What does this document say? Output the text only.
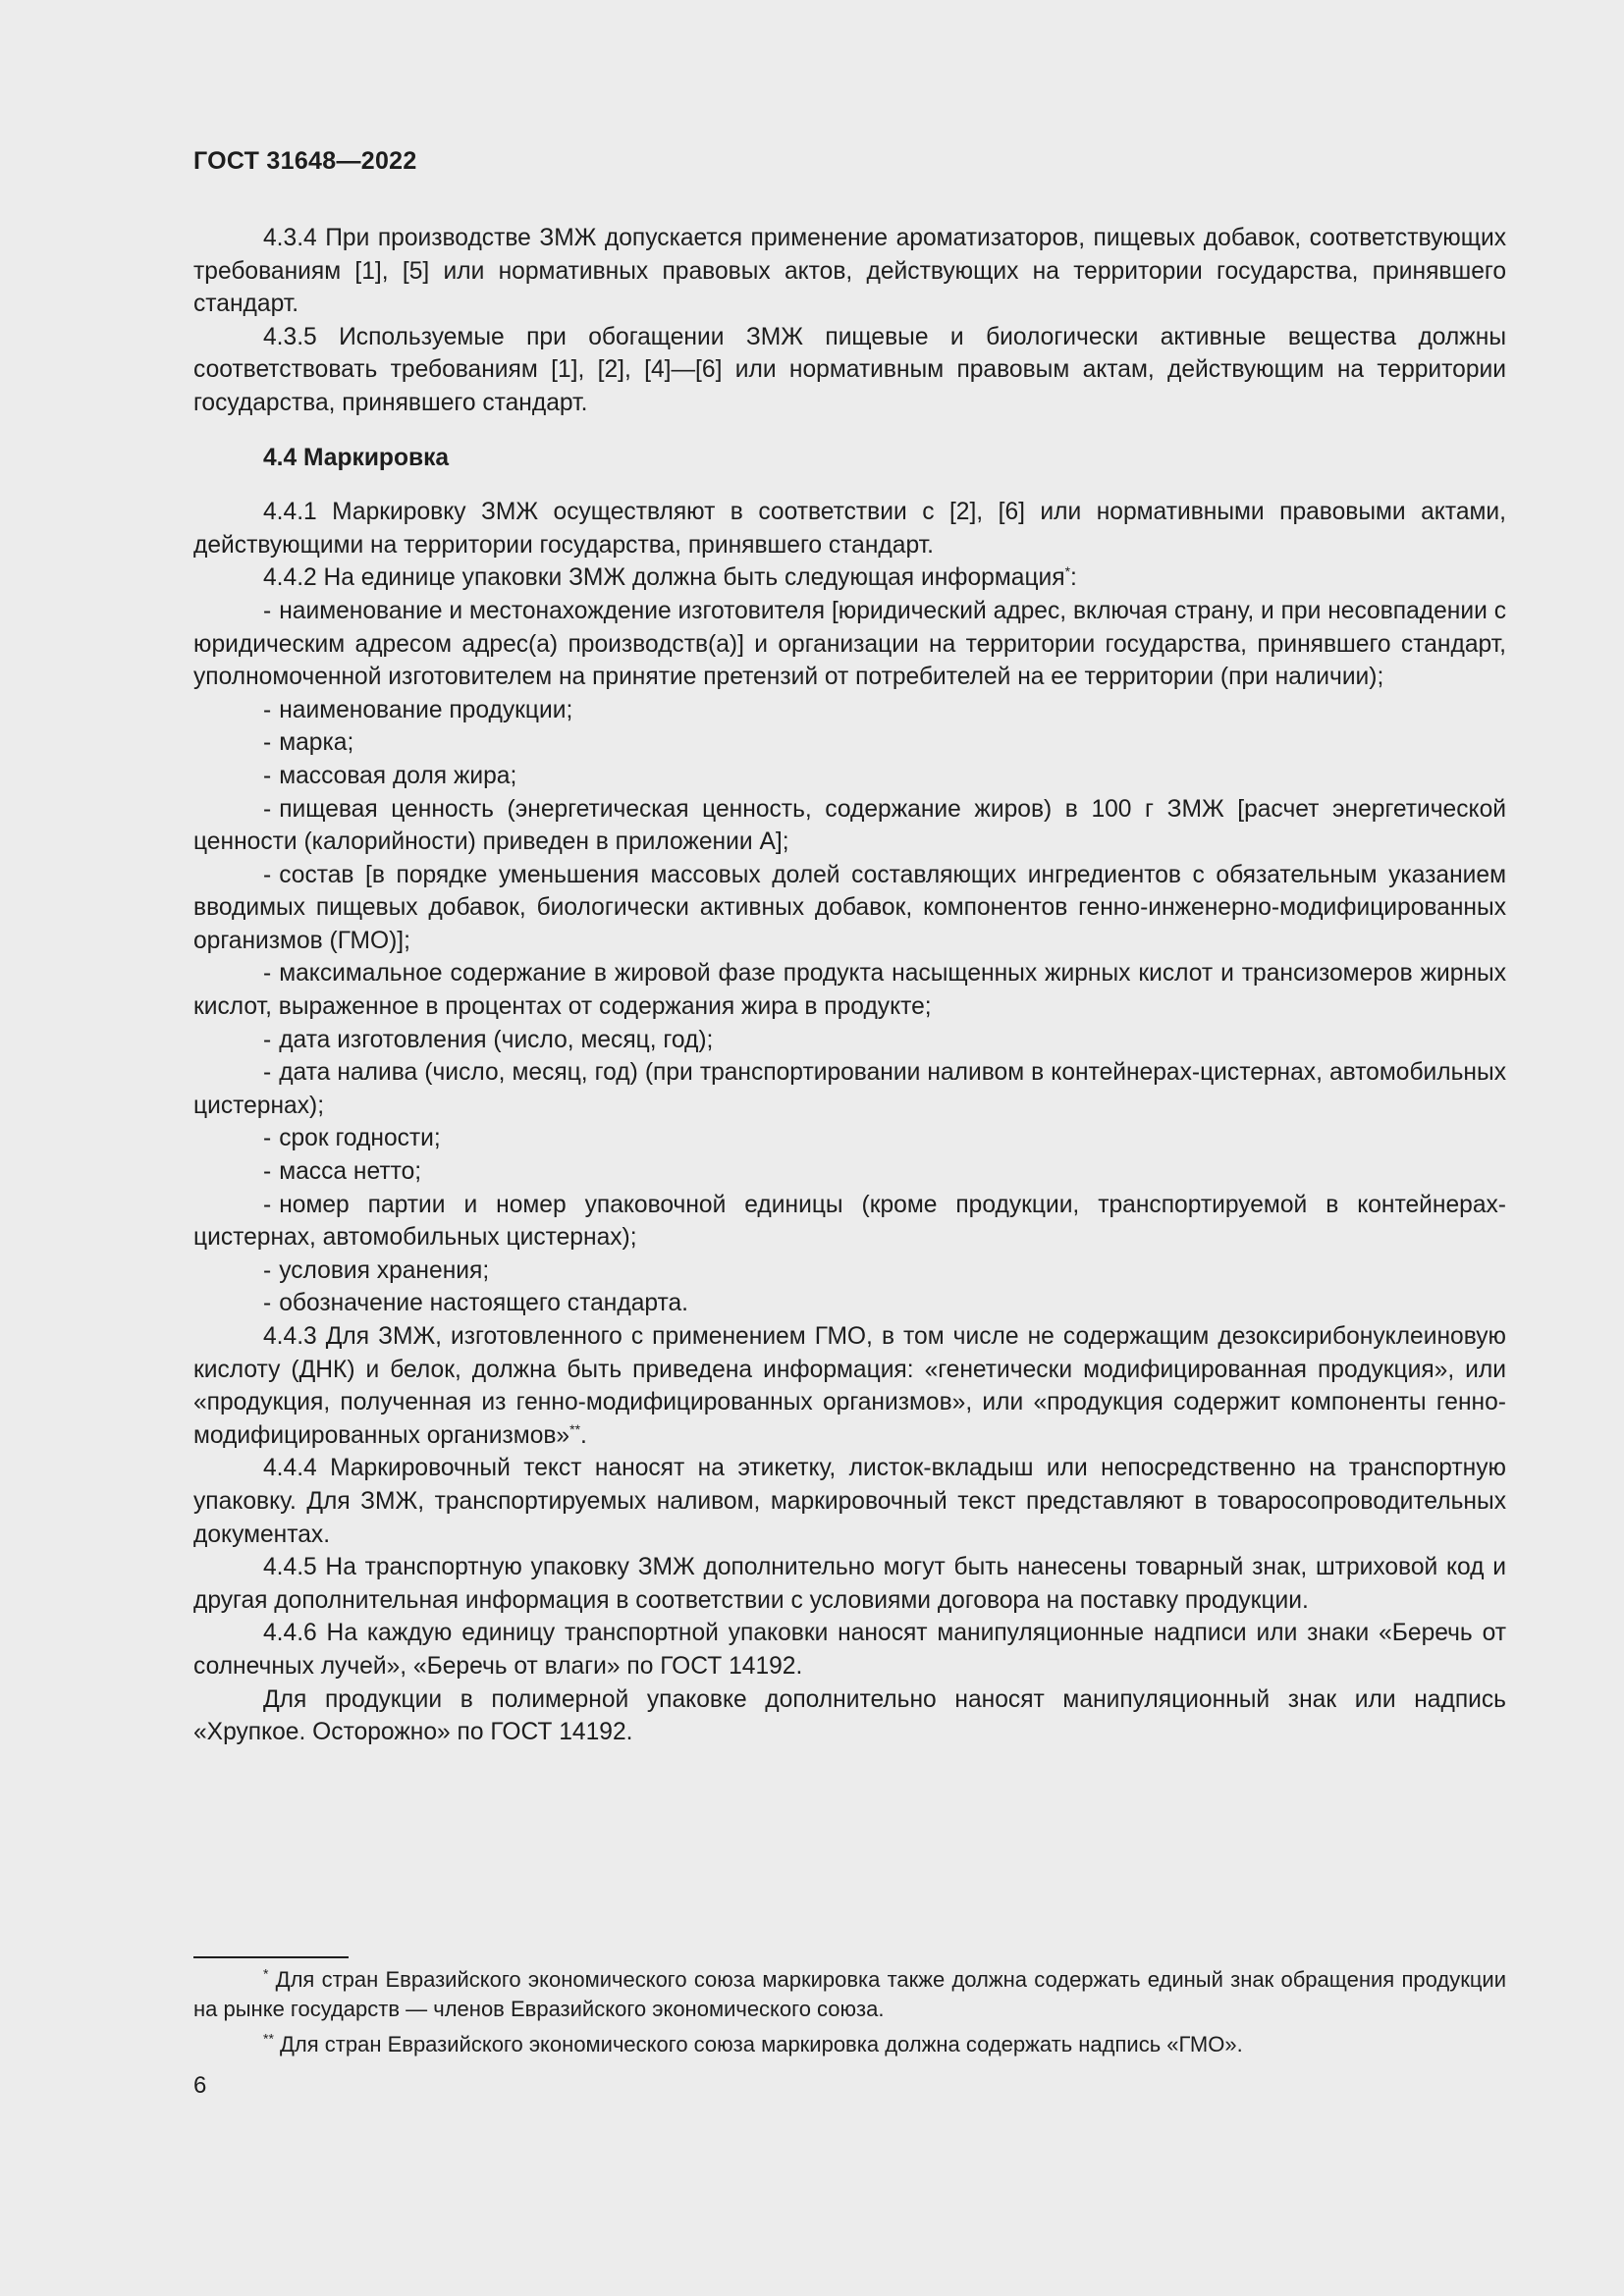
ГОСТ 31648—2022

4.3.4 При производстве ЗМЖ допускается применение ароматизаторов, пищевых добавок, соответствующих требованиям [1], [5] или нормативных правовых актов, действующих на территории государства, принявшего стандарт.

4.3.5 Используемые при обогащении ЗМЖ пищевые и биологически активные вещества должны соответствовать требованиям [1], [2], [4]—[6] или нормативным правовым актам, действующим на территории государства, принявшего стандарт.

4.4 Маркировка

4.4.1 Маркировку ЗМЖ осуществляют в соответствии с [2], [6] или нормативными правовыми актами, действующими на территории государства, принявшего стандарт.

4.4.2 На единице упаковки ЗМЖ должна быть следующая информация*:

- наименование и местонахождение изготовителя [юридический адрес, включая страну, и при несовпадении с юридическим адресом адрес(а) производств(а)] и организации на территории государства, принявшего стандарт, уполномоченной изготовителем на принятие претензий от потребителей на ее территории (при наличии);

- наименование продукции;

- марка;

- массовая доля жира;

- пищевая ценность (энергетическая ценность, содержание жиров) в 100 г ЗМЖ [расчет энергетической ценности (калорийности) приведен в приложении А];

- состав [в порядке уменьшения массовых долей составляющих ингредиентов с обязательным указанием вводимых пищевых добавок, биологически активных добавок, компонентов генно-инженерно-модифицированных организмов (ГМО)];

- максимальное содержание в жировой фазе продукта насыщенных жирных кислот и трансизомеров жирных кислот, выраженное в процентах от содержания жира в продукте;

- дата изготовления (число, месяц, год);

- дата налива (число, месяц, год) (при транспортировании наливом в контейнерах-цистернах, автомобильных цистернах);

- срок годности;

- масса нетто;

- номер партии и номер упаковочной единицы (кроме продукции, транспортируемой в контейнерах-цистернах, автомобильных цистернах);

- условия хранения;

- обозначение настоящего стандарта.

4.4.3 Для ЗМЖ, изготовленного с применением ГМО, в том числе не содержащим дезоксирибонуклеиновую кислоту (ДНК) и белок, должна быть приведена информация: «генетически модифицированная продукция», или «продукция, полученная из генно-модифицированных организмов», или «продукция содержит компоненты генно-модифицированных организмов»**.

4.4.4 Маркировочный текст наносят на этикетку, листок-вкладыш или непосредственно на транспортную упаковку. Для ЗМЖ, транспортируемых наливом, маркировочный текст представляют в товаросопроводительных документах.

4.4.5 На транспортную упаковку ЗМЖ дополнительно могут быть нанесены товарный знак, штриховой код и другая дополнительная информация в соответствии с условиями договора на поставку продукции.

4.4.6 На каждую единицу транспортной упаковки наносят манипуляционные надписи или знаки «Беречь от солнечных лучей», «Беречь от влаги» по ГОСТ 14192.

Для продукции в полимерной упаковке дополнительно наносят манипуляционный знак или надпись «Хрупкое. Осторожно» по ГОСТ 14192.

* Для стран Евразийского экономического союза маркировка также должна содержать единый знак обращения продукции на рынке государств — членов Евразийского экономического союза.

** Для стран Евразийского экономического союза маркировка должна содержать надпись «ГМО».

6
